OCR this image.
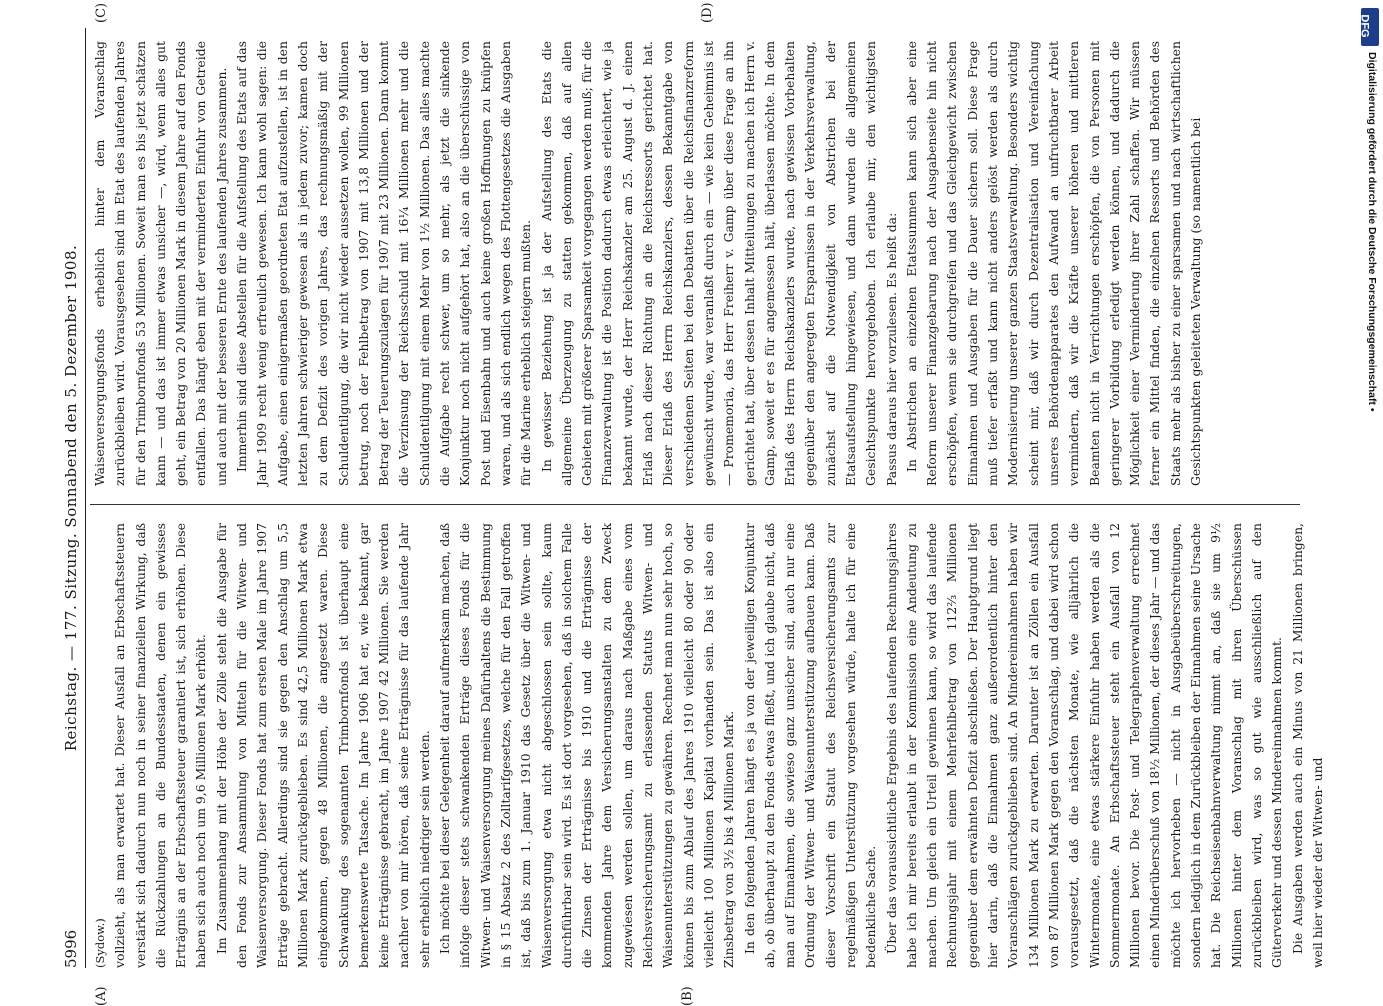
5996
Reichstag. — 177. Sitzung. Sonnabend den 5. Dezember 1908.
(A)	(B)
(C)	(D)
(Sydow.) vollzieht, als man erwartet hat. Dieser Ausfall an Erbschaftssteuern verstärkt sich dadurch nun noch in seiner finanziellen Wirkung, daß die Rückzahlungen an die Bundesstaaten, denen ein gewisses Erträgnis an der Erbschaftssteuer garantiert ist, sich erhöhen. Diese haben sich auch noch um 9,6 Millionen Mark erhöht. Im Zusammenhang mit der Höhe der Zölle steht die Ausgabe für den Fonds zur Ansammlung von Mitteln für die Witwen- und Waisenversorgung. Dieser Fonds hat zum ersten Male im Jahre 1907 Erträge gebracht. Allerdings sind sie gegen den Anschlag um 5,5 Millionen Mark zurückgeblieben. Es sind 42,5 Millionen Mark etwa eingekommen, gegen 48 Millionen, die angesetzt waren. Diese Schwankung des sogenannten Trimbornfonds ist überhaupt eine bemerkenswerte Tatsache. Im Jahre 1906 hat er, wie bekannt, gar keine Erträgnisse gebracht, im Jahre 1907 42 Millionen. Sie werden nachher von mir hören, daß seine Erträgnisse für das laufende Jahr sehr erheblich niedriger sein werden. Ich möchte bei dieser Gelegenheit darauf aufmerksam machen, daß infolge dieser stets schwankenden Erträge dieses Fonds für die Witwen- und Waisenversorgung meines Dafürhaltens die Bestimmung in § 15 Absatz 2 des Zolltarifgesetzes, welche für den Fall getroffen ist, daß bis zum 1. Januar 1910 das Gesetz über die Witwen- und Waisenversorgung etwa nicht abgeschlossen sein sollte, kaum durchführbar sein wird. Es ist dort vorgesehen, daß in solchem Falle die Zinsen der Erträgnisse bis 1910 und die Erträgnisse der kommenden Jahre dem Versicherungsanstalten zu dem Zweck zugewiesen werden sollen, um daraus nach Maßgabe eines vom Reichsversicherungsamt zu erlassenden Statuts Witwen- und Waisenunterstützungen zu gewähren. Rechnet man nun sehr hoch, so können bis zum Ablauf des Jahres 1910 vielleicht 80 oder 90 oder vielleicht 100 Millionen Kapital vorhanden sein. Das ist also ein Zinsbetrag von 3½ bis 4 Millionen Mark. In den folgenden Jahren hängt es ja von der jeweiligen Konjunktur ab, ob überhaupt zu den Fonds etwas fließt, und ich glaube nicht, daß man auf Einnahmen, die sowieso ganz unsicher sind, auch nur eine Ordnung der Witwen- und Waisenunterstützung aufbauen kann. Daß dieser Vorschrift ein Statut des Reichsversicherungsamts zur regelmäßigen Unterstützung vorgesehen würde, halte ich für eine bedenkliche Sache. Über das voraussichtliche Ergebnis des laufenden Rechnungsjahres habe ich mir bereits erlaubt in der Kommission eine Andeutung zu machen. Um gleich ein Urteil gewinnen kann, so wird das laufende Rechnungsjahr mit einem Mehrfehlbetrag von 112⅔ Millionen gegenüber dem erwähnten Defizit abschließen. Der Hauptgrund liegt hier darin, daß die Einnahmen ganz außerordentlich hinter den Voranschlägen zurückgeblieben sind. An Mindereinnahmen haben wir 134 Millionen Mark zu erwarten. Darunter ist an Zöllen ein Ausfall von 87 Millionen Mark gegen den Voranschlag, und dabei wird schon vorausgesetzt, daß die nächsten Monate, wie alljährlich die Wintermonate, eine etwas stärkere Einfuhr haben werden als die Sommermonate. An Erbschaftssteuer steht ein Ausfall von 12 Millionen bevor. Die Post- und Telegraphenverwaltung errechnet einen Minderüberschuß von 18½ Millionen, der dieses Jahr — und das möchte ich hervorheben — nicht in Ausgabeüberschreitungen, sondern lediglich in dem Zurückbleiben der Einnahmen seine Ursache hat. Die Reichseisenbahnverwaltung nimmt an, daß sie um 9½ Millionen hinter dem Voranschlag mit ihren Überschüssen zurückbleiben wird, was so gut wie ausschließlich auf den Güterverkehr und dessen Mindereinnahmen kommt. Die Ausgaben werden auch ein Minus von 21 Millionen bringen, weil hier wieder der Witwen- und

Waisenversorgungsfonds erheblich hinter dem Voranschlag zurückbleiben wird. Vorausgesehen sind im Etat des laufenden Jahres für den Trimbornfonds 53 Millionen. Soweit man es bis jetzt schätzen kann — und das ist immer etwas unsicher —, wird, wenn alles gut geht, ein Betrag von 20 Millionen Mark in diesem Jahre auf den Fonds entfallen. Das hängt eben mit der verminderten Einfuhr von Getreide und auch mit der besseren Ernte des laufenden Jahres zusammen. Immerhin sind diese Abstellen für die Aufstellung des Etats auf das Jahr 1909 recht wenig erfreulich gewesen. Ich kann wohl sagen: die Aufgabe, einen einigermaßen geordneten Etat aufzustellen, ist in den letzten Jahren schwieriger gewesen als in jedem zuvor; kamen doch zu dem Defizit des vorigen Jahres, das rechnungsmäßig mit der Schuldentilgung, die wir nicht wieder aussetzen wollen, 99 Millionen betrug, noch der Fehlbetrag von 1907 mit 13,8 Millionen und der Betrag der Teuerungszulagen für 1907 mit 23 Millionen. Dann kommt die Verzinsung der Reichsschuld mit 16¼ Millionen mehr und die Schuldentilgung mit einem Mehr von 1½ Millionen. Das alles machte die Aufgabe recht schwer, um so mehr, als jetzt die sinkende Konjunktur noch nicht aufgehört hat, also an die überschüssige von Post und Eisenbahn und auch keine großen Hoffnungen zu knüpfen waren, und als sich endlich wegen des Flottengesetzes die Ausgaben für die Marine erheblich steigern mußten. In gewisser Beziehung ist ja der Aufstellung des Etats die allgemeine Überzeugung zu statten gekommen, daß auf allen Gebieten mit größerer Sparsamkeit vorgegangen werden muß; für die Finanzverwaltung ist die Position dadurch etwas erleichtert, wie ja bekannt wurde, der Herr Reichskanzler am 25. August d. J. einen Erlaß nach dieser Richtung an die Reichsressorts gerichtet hat. Dieser Erlaß des Herrn Reichskanzlers, dessen Bekanntgabe von verschiedenen Seiten bei den Debatten über die Reichsfinanzreform gewünscht wurde, war veranlaßt durch ein — wie kein Geheimnis ist — Promemoria, das Herr Freiherr v. Gamp über diese Frage an ihn gerichtet hat, über dessen Inhalt Mitteilungen zu machen ich Herrn v. Gamp, soweit er es für angemessen hält, überlassen möchte. In dem Erlaß des Herrn Reichskanzlers wurde, nach gewissen Vorbehalten gegenüber den angeregten Ersparnissen in der Verkehrsverwaltung, zunächst auf die Notwendigkeit von Abstrichen bei der Etatsaufstellung hingewiesen, und dann wurden die allgemeinen Gesichtspunkte hervorgehoben. Ich erlaube mir, den wichtigsten Passus daraus hier vorzulesen. Es heißt da: In Abstrichen an einzelnen Etatssummen kann sich aber eine Reform unserer Finanzgebarung nach der Ausgabenseite hin nicht erschöpfen, wenn sie durchgreifen und das Gleichgewicht zwischen Einnahmen und Ausgaben für die Dauer sichern soll. Diese Frage muß tiefer erfaßt und kann nicht anders gelöst werden als durch Modernisierung unserer ganzen Staatsverwaltung. Besonders wichtig scheint mir, daß wir durch Dezentralisation und Vereinfachung unseres Behördenapparates den Aufwand an unfruchtbarer Arbeit vermindern, daß wir die Kräfte unserer höheren und mittleren Beamten nicht in Verrichtungen erschöpfen, die von Personen mit geringerer Vorbildung erledigt werden können, und dadurch die Möglichkeit einer Verminderung ihrer Zahl schaffen. Wir müssen ferner ein Mittel finden, die einzelnen Ressorts und Behörden des Staats mehr als bisher zu einer sparsamen und nach wirtschaftlichen Gesichtspunkten geleiteten Verwaltung (so namentlich bei

DFG
Digitalisierung gefördert durch die Deutsche Forschungsgemeinschaft •
